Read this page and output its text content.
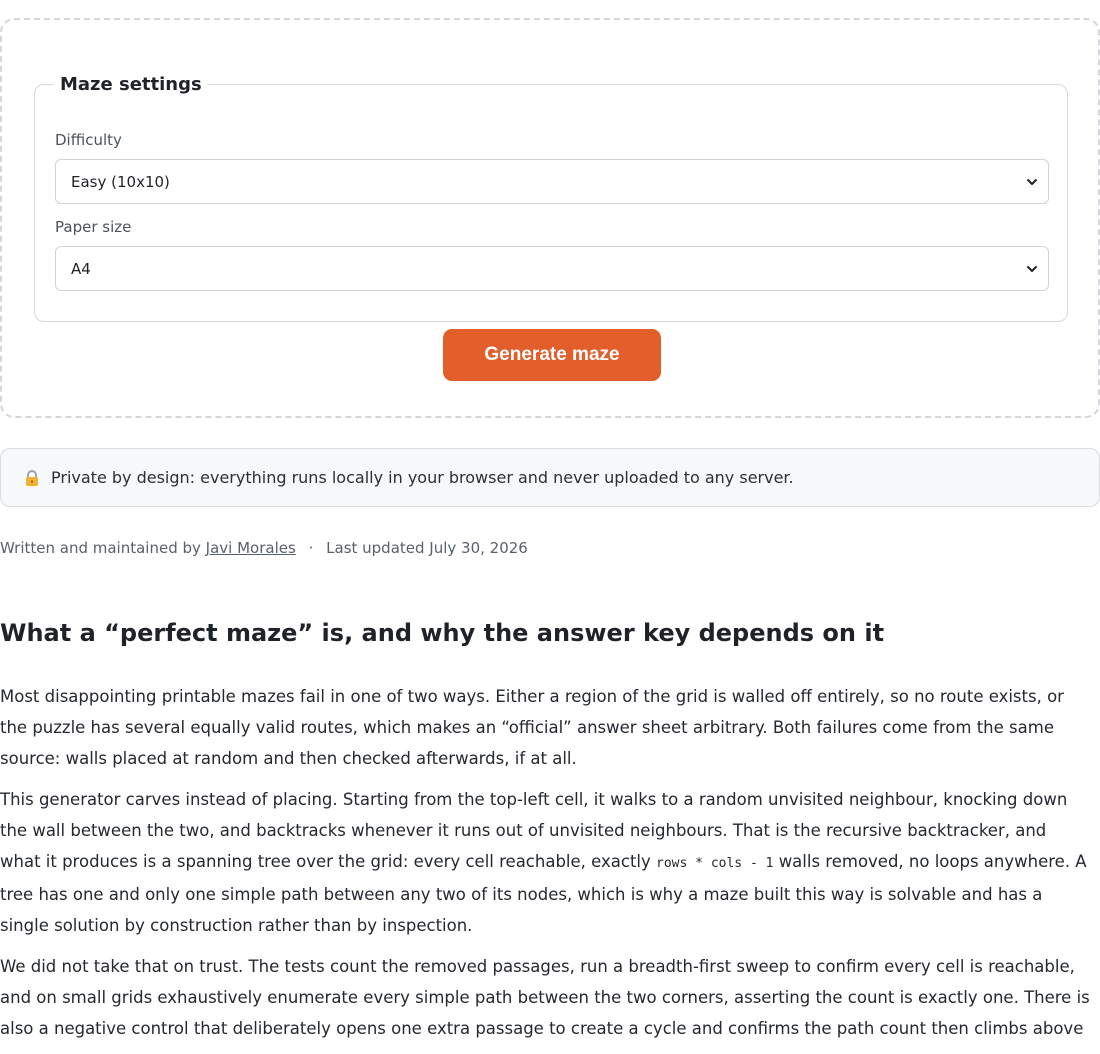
Maze settings
Difficulty
Easy (10x10)
Paper size
A4
Generate maze
Private by design: everything runs locally in your browser and never uploaded to any server.
Written and maintained by Javi Morales · Last updated July 30, 2026
What a “perfect maze” is, and why the answer key depends on it

Most disappointing printable mazes fail in one of two ways. Either a region of the grid is walled off entirely, so no route exists, or the puzzle has several equally valid routes, which makes an “official” answer sheet arbitrary. Both failures come from the same source: walls placed at random and then checked afterwards, if at all.

This generator carves instead of placing. Starting from the top-left cell, it walks to a random unvisited neighbour, knocking down the wall between the two, and backtracks whenever it runs out of unvisited neighbours. That is the recursive backtracker, and what it produces is a spanning tree over the grid: every cell reachable, exactly rows * cols - 1 walls removed, no loops anywhere. A tree has one and only one simple path between any two of its nodes, which is why a maze built this way is solvable and has a single solution by construction rather than by inspection.

We did not take that on trust. The tests count the removed passages, run a breadth-first sweep to confirm every cell is reachable, and on small grids exhaustively enumerate every simple path between the two corners, asserting the count is exactly one. There is also a negative control that deliberately opens one extra passage to create a cycle and confirms the path count then climbs above
